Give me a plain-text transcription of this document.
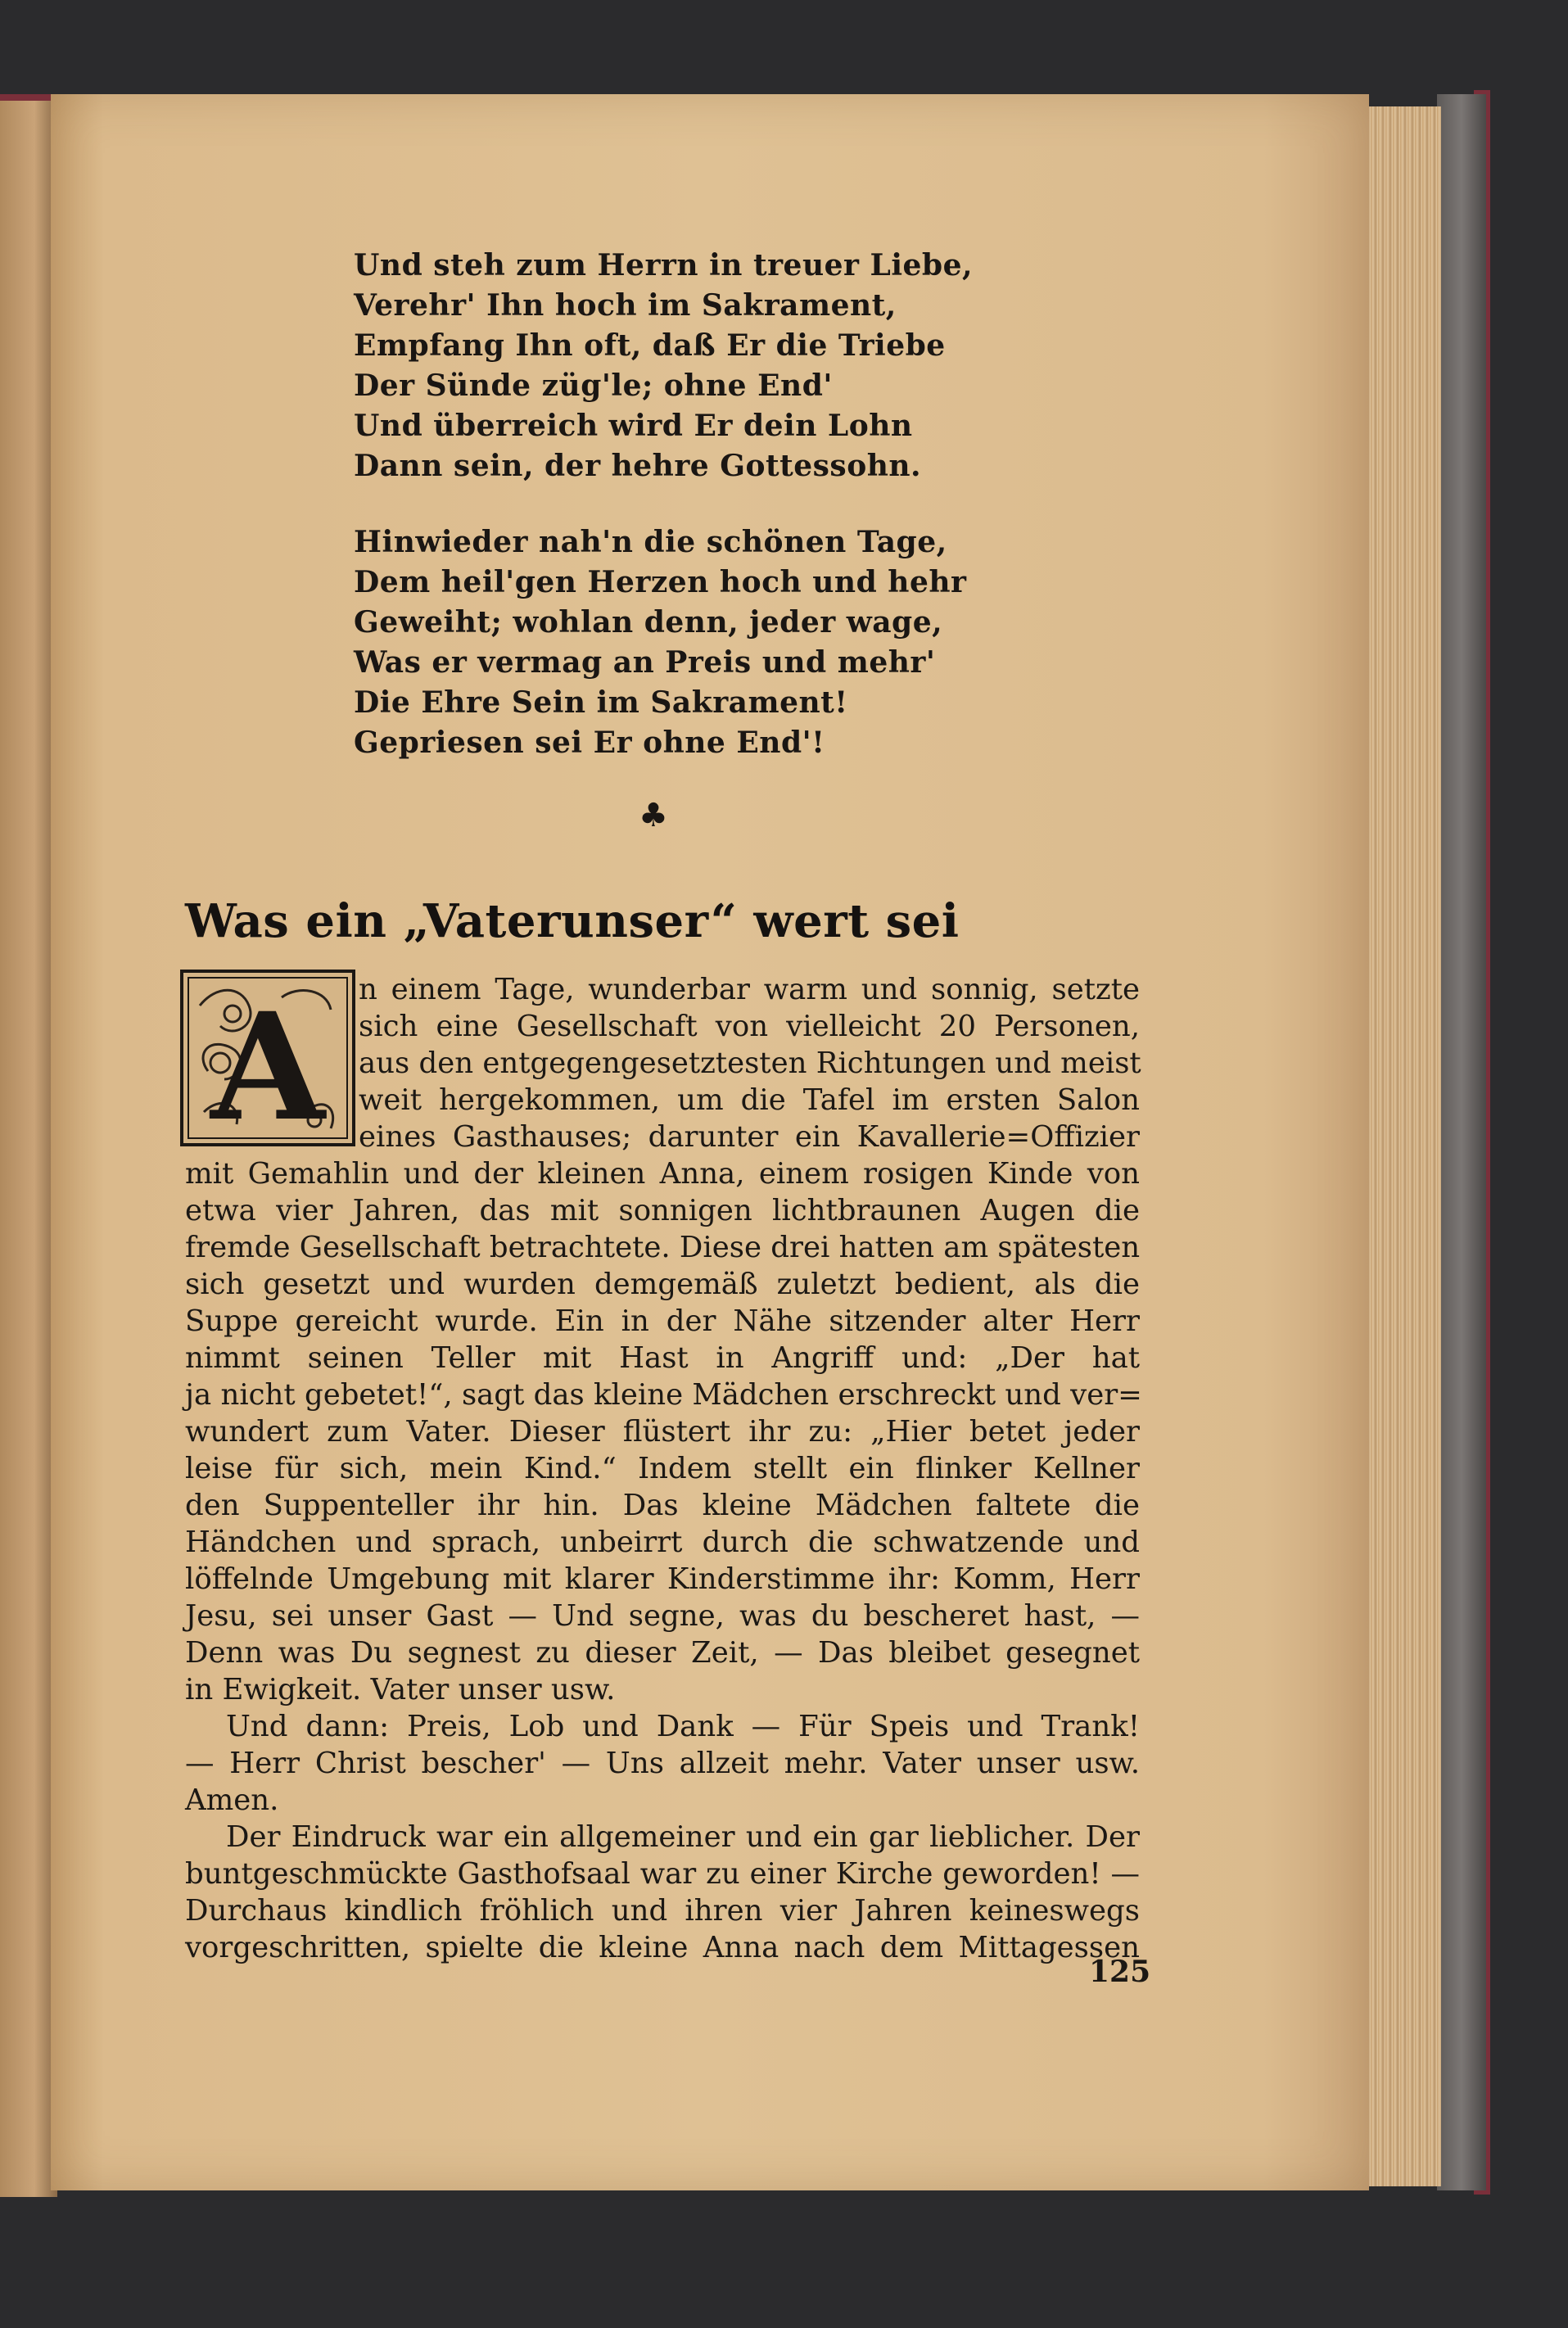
Und steh zum Herrn in treuer Liebe,
Verehr' Ihn hoch im Sakrament,
Empfang Ihn oft, daß Er die Triebe
Der Sünde züg'le; ohne End'
Und überreich wird Er dein Lohn
Dann sein, der hehre Gottessohn.
Hinwieder nah'n die schönen Tage,
Dem heil'gen Herzen hoch und hehr
Geweiht; wohlan denn, jeder wage,
Was er vermag an Preis und mehr'
Die Ehre Sein im Sakrament!
Gepriesen sei Er ohne End'!
♣
Was ein „Vaterunser“ wert sei
A n einem Tage, wunderbar warm und sonnig, setzte
sich eine Gesellschaft von vielleicht 20 Personen,
aus den entgegengesetztesten Richtungen und meist
weit hergekommen, um die Tafel im ersten Salon
eines Gasthauses; darunter ein Kavallerie=Offizier
mit Gemahlin und der kleinen Anna, einem rosigen Kinde von
etwa vier Jahren, das mit sonnigen lichtbraunen Augen die
fremde Gesellschaft betrachtete. Diese drei hatten am spätesten
sich gesetzt und wurden demgemäß zuletzt bedient, als die
Suppe gereicht wurde. Ein in der Nähe sitzender alter Herr
nimmt seinen Teller mit Hast in Angriff und: „Der hat
ja nicht gebetet!“, sagt das kleine Mädchen erschreckt und ver=
wundert zum Vater. Dieser flüstert ihr zu: „Hier betet jeder
leise für sich, mein Kind.“ Indem stellt ein flinker Kellner
den Suppenteller ihr hin. Das kleine Mädchen faltete die
Händchen und sprach, unbeirrt durch die schwatzende und
löffelnde Umgebung mit klarer Kinderstimme ihr: Komm, Herr
Jesu, sei unser Gast — Und segne, was du bescheret hast, —
Denn was Du segnest zu dieser Zeit, — Das bleibet gesegnet
in Ewigkeit. Vater unser usw.
Und dann: Preis, Lob und Dank — Für Speis und Trank!
— Herr Christ bescher' — Uns allzeit mehr. Vater unser usw.
Amen.
Der Eindruck war ein allgemeiner und ein gar lieblicher. Der
buntgeschmückte Gasthofsaal war zu einer Kirche geworden! —
Durchaus kindlich fröhlich und ihren vier Jahren keineswegs
vorgeschritten, spielte die kleine Anna nach dem Mittagessen
125
